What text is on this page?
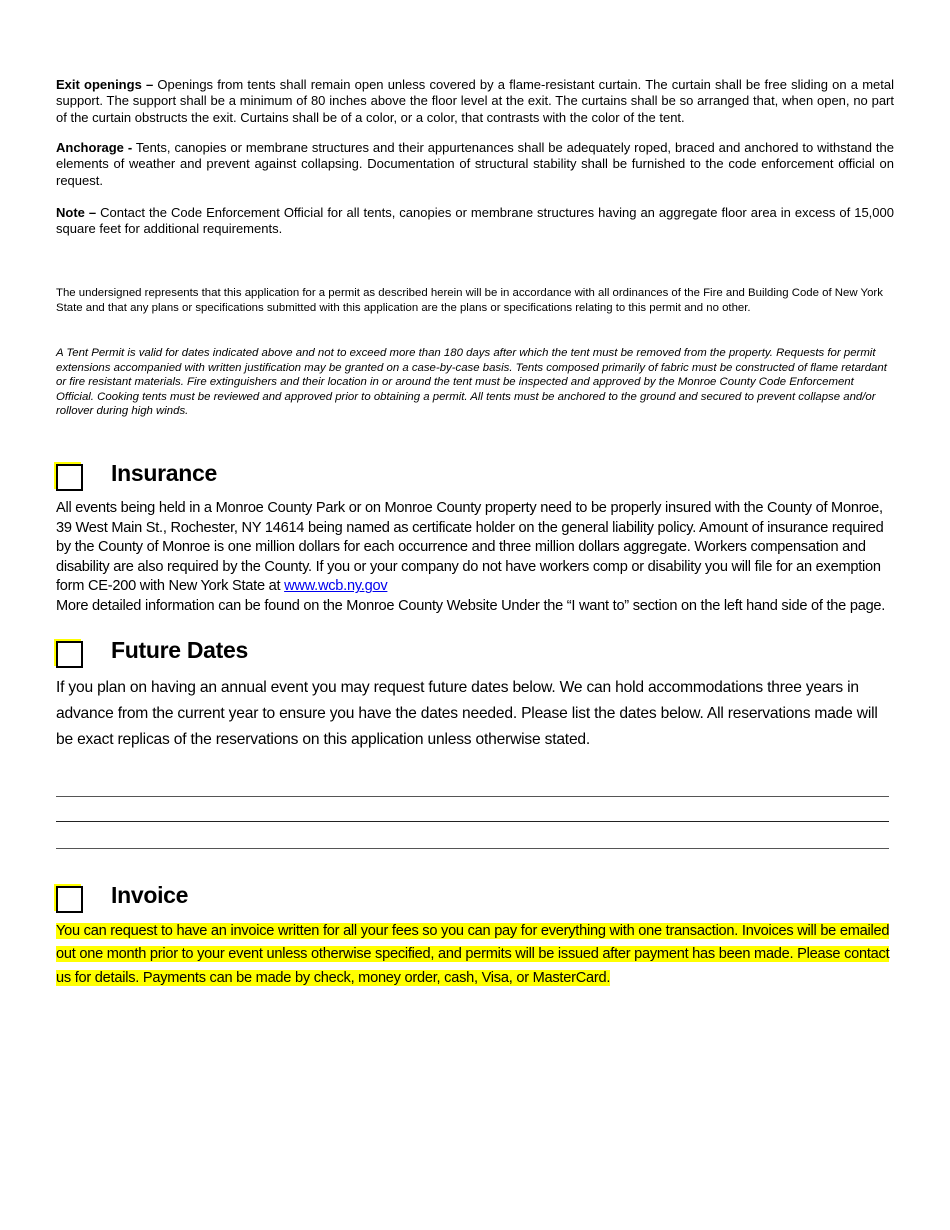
Exit openings – Openings from tents shall remain open unless covered by a flame-resistant curtain. The curtain shall be free sliding on a metal support. The support shall be a minimum of 80 inches above the floor level at the exit. The curtains shall be so arranged that, when open, no part of the curtain obstructs the exit. Curtains shall be of a color, or a color, that contrasts with the color of the tent.

Anchorage - Tents, canopies or membrane structures and their appurtenances shall be adequately roped, braced and anchored to withstand the elements of weather and prevent against collapsing. Documentation of structural stability shall be furnished to the code enforcement official on request.

Note – Contact the Code Enforcement Official for all tents, canopies or membrane structures having an aggregate floor area in excess of 15,000 square feet for additional requirements.

The undersigned represents that this application for a permit as described herein will be in accordance with all ordinances of the Fire and Building Code of New York State and that any plans or specifications submitted with this application are the plans or specifications relating to this permit and no other.

A Tent Permit is valid for dates indicated above and not to exceed more than 180 days after which the tent must be removed from the property. Requests for permit extensions accompanied with written justification may be granted on a case-by-case basis. Tents composed primarily of fabric must be constructed of flame retardant or fire resistant materials. Fire extinguishers and their location in or around the tent must be inspected and approved by the Monroe County Code Enforcement Official. Cooking tents must be reviewed and approved prior to obtaining a permit. All tents must be anchored to the ground and secured to prevent collapse and/or rollover during high winds.

Insurance

All events being held in a Monroe County Park or on Monroe County property need to be properly insured with the County of Monroe, 39 West Main St., Rochester, NY 14614 being named as certificate holder on the general liability policy. Amount of insurance required by the County of Monroe is one million dollars for each occurrence and three million dollars aggregate. Workers compensation and disability are also required by the County. If you or your company do not have workers comp or disability you will file for an exemption form CE-200 with New York State at www.wcb.ny.gov

More detailed information can be found on the Monroe County Website Under the “I want to” section on the left hand side of the page.

Future Dates

If you plan on having an annual event you may request future dates below. We can hold accommodations three years in advance from the current year to ensure you have the dates needed. Please list the dates below. All reservations made will be exact replicas of the reservations on this application unless otherwise stated.

Invoice

You can request to have an invoice written for all your fees so you can pay for everything with one transaction. Invoices will be emailed out one month prior to your event unless otherwise specified, and permits will be issued after payment has been made. Please contact us for details. Payments can be made by check, money order, cash, Visa, or MasterCard.
